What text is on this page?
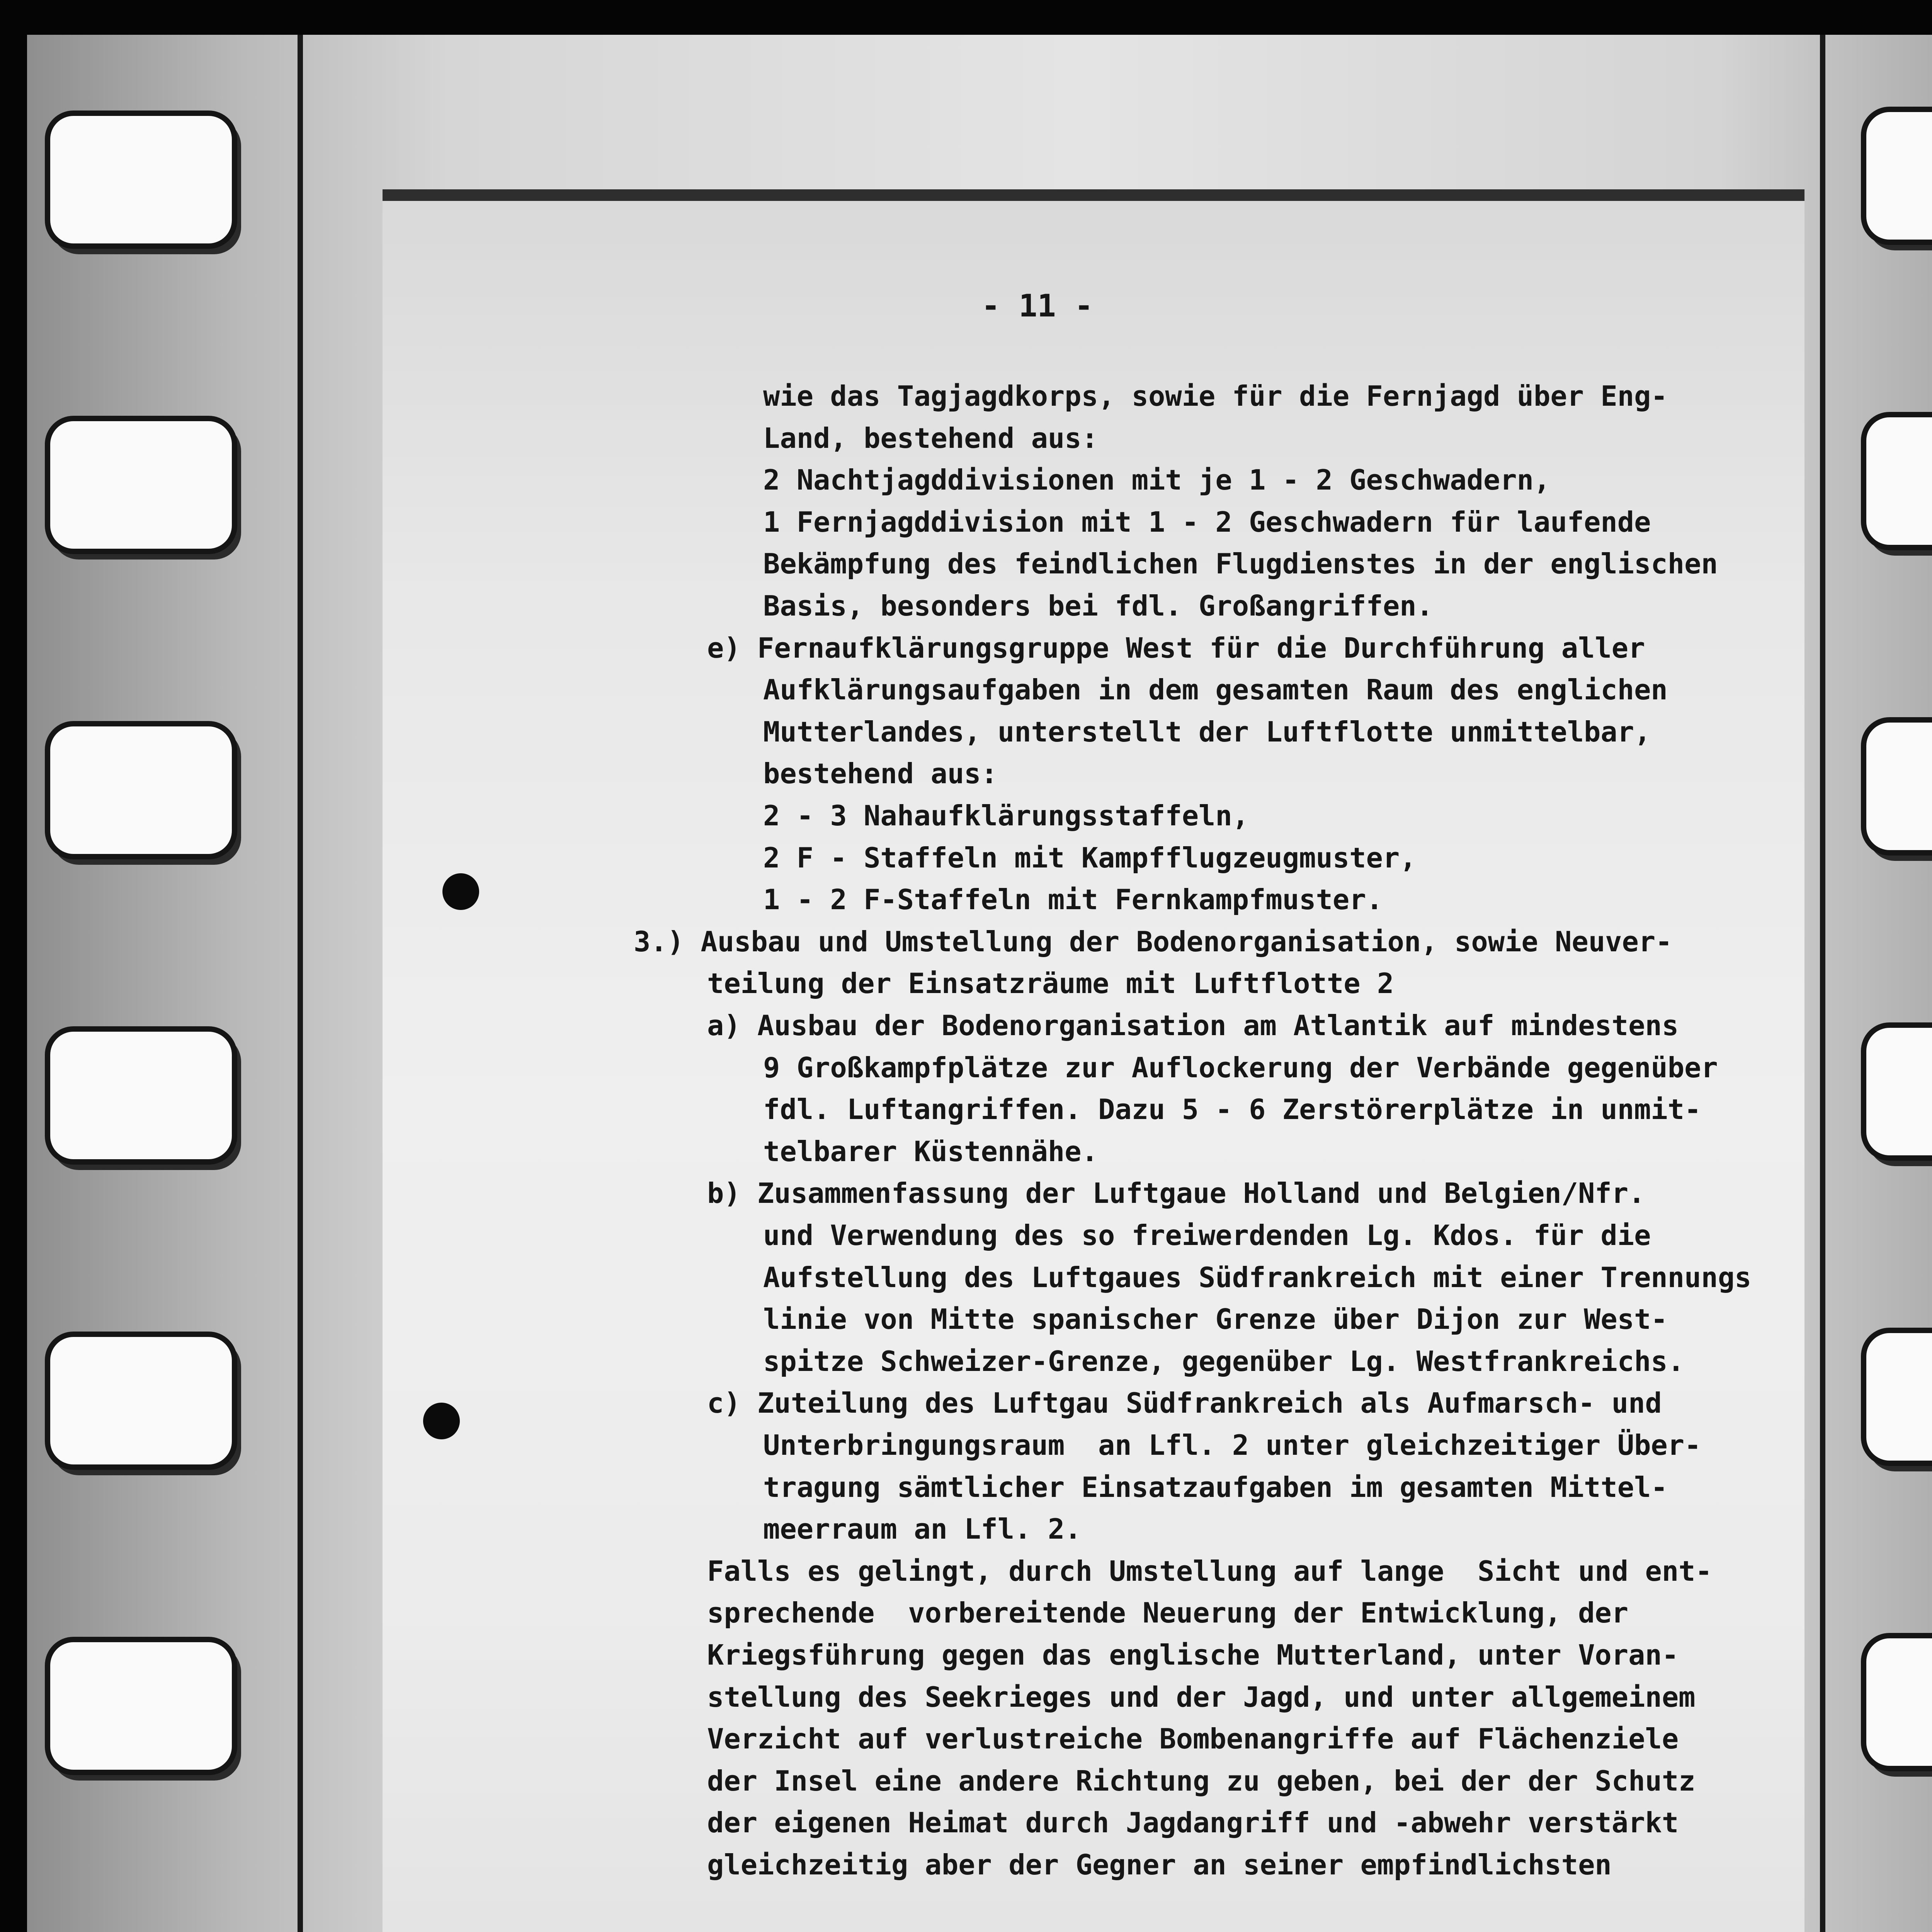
- 11 -
wie das Tagjagdkorps, sowie für die Fernjagd über Eng-
Land, bestehend aus:
2 Nachtjagddivisionen mit je 1 - 2 Geschwadern,
1 Fernjagddivision mit 1 - 2 Geschwadern für laufende
Bekämpfung des feindlichen Flugdienstes in der englischen
Basis, besonders bei fdl. Großangriffen.
e) Fernaufklärungsgruppe West für die Durchführung aller
Aufklärungsaufgaben in dem gesamten Raum des englichen
Mutterlandes, unterstellt der Luftflotte unmittelbar,
bestehend aus:
2 - 3 Nahaufklärungsstaffeln,
2 F - Staffeln mit Kampfflugzeugmuster,
1 - 2 F-Staffeln mit Fernkampfmuster.
3.) Ausbau und Umstellung der Bodenorganisation, sowie Neuver-
teilung der Einsatzräume mit Luftflotte 2
a) Ausbau der Bodenorganisation am Atlantik auf mindestens
9 Großkampfplätze zur Auflockerung der Verbände gegenüber
fdl. Luftangriffen. Dazu 5 - 6 Zerstörerplätze in unmit-
telbarer Küstennähe.
b) Zusammenfassung der Luftgaue Holland und Belgien/Nfr.
und Verwendung des so freiwerdenden Lg. Kdos. für die
Aufstellung des Luftgaues Südfrankreich mit einer Trennungs
linie von Mitte spanischer Grenze über Dijon zur West-
spitze Schweizer-Grenze, gegenüber Lg. Westfrankreichs.
c) Zuteilung des Luftgau Südfrankreich als Aufmarsch- und
Unterbringungsraum  an Lfl. 2 unter gleichzeitiger Über-
tragung sämtlicher Einsatzaufgaben im gesamten Mittel-
meerraum an Lfl. 2.
Falls es gelingt, durch Umstellung auf lange  Sicht und ent-
sprechende  vorbereitende Neuerung der Entwicklung, der
Kriegsführung gegen das englische Mutterland, unter Voran-
stellung des Seekrieges und der Jagd, und unter allgemeinem
Verzicht auf verlustreiche Bombenangriffe auf Flächenziele
der Insel eine andere Richtung zu geben, bei der der Schutz
der eigenen Heimat durch Jagdangriff und -abwehr verstärkt
gleichzeitig aber der Gegner an seiner empfindlichsten
